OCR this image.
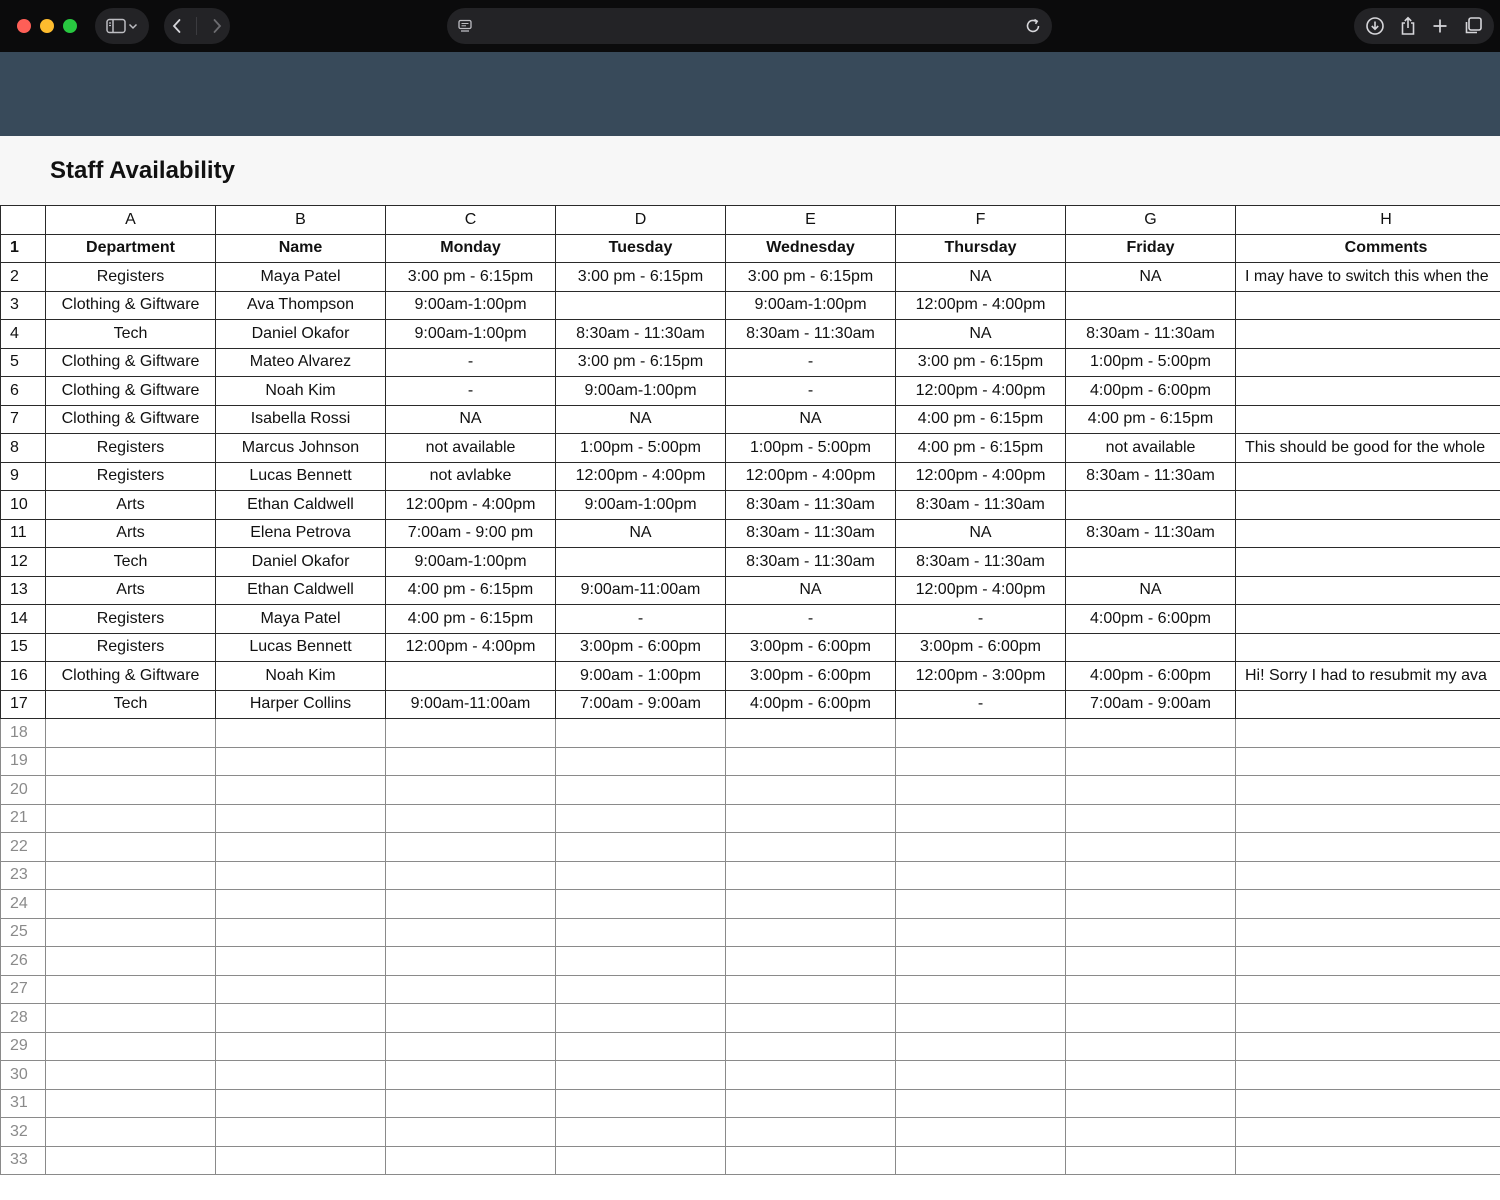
Staff Availability
	A	B	C	D	E	F	G	H
1	Department	Name	Monday	Tuesday	Wednesday	Thursday	Friday	Comments
2	Registers	Maya Patel	3:00 pm - 6:15pm	3:00 pm - 6:15pm	3:00 pm - 6:15pm	NA	NA	I may have to switch this when the
3	Clothing & Giftware	Ava Thompson	9:00am-1:00pm		9:00am-1:00pm	12:00pm - 4:00pm		
4	Tech	Daniel Okafor	9:00am-1:00pm	8:30am - 11:30am	8:30am - 11:30am	NA	8:30am - 11:30am	
5	Clothing & Giftware	Mateo Alvarez	-	3:00 pm - 6:15pm	-	3:00 pm - 6:15pm	1:00pm - 5:00pm	
6	Clothing & Giftware	Noah Kim	-	9:00am-1:00pm	-	12:00pm - 4:00pm	4:00pm - 6:00pm	
7	Clothing & Giftware	Isabella Rossi	NA	NA	NA	4:00 pm - 6:15pm	4:00 pm - 6:15pm	
8	Registers	Marcus Johnson	not available	1:00pm - 5:00pm	1:00pm - 5:00pm	4:00 pm - 6:15pm	not available	This should be good for the whole
9	Registers	Lucas Bennett	not avlabke	12:00pm - 4:00pm	12:00pm - 4:00pm	12:00pm - 4:00pm	8:30am - 11:30am	
10	Arts	Ethan Caldwell	12:00pm - 4:00pm	9:00am-1:00pm	8:30am - 11:30am	8:30am - 11:30am		
11	Arts	Elena Petrova	7:00am - 9:00 pm	NA	8:30am - 11:30am	NA	8:30am - 11:30am	
12	Tech	Daniel Okafor	9:00am-1:00pm		8:30am - 11:30am	8:30am - 11:30am		
13	Arts	Ethan Caldwell	4:00 pm - 6:15pm	9:00am-11:00am	NA	12:00pm - 4:00pm	NA	
14	Registers	Maya Patel	4:00 pm - 6:15pm	-	-	-	4:00pm - 6:00pm	
15	Registers	Lucas Bennett	12:00pm - 4:00pm	3:00pm - 6:00pm	3:00pm - 6:00pm	3:00pm - 6:00pm		
16	Clothing & Giftware	Noah Kim		9:00am - 1:00pm	3:00pm - 6:00pm	12:00pm - 3:00pm	4:00pm - 6:00pm	Hi! Sorry I had to resubmit my ava
17	Tech	Harper Collins	9:00am-11:00am	7:00am - 9:00am	4:00pm - 6:00pm	-	7:00am - 9:00am	
18								
19								
20								
21								
22								
23								
24								
25								
26								
27								
28								
29								
30								
31								
32								
33								
